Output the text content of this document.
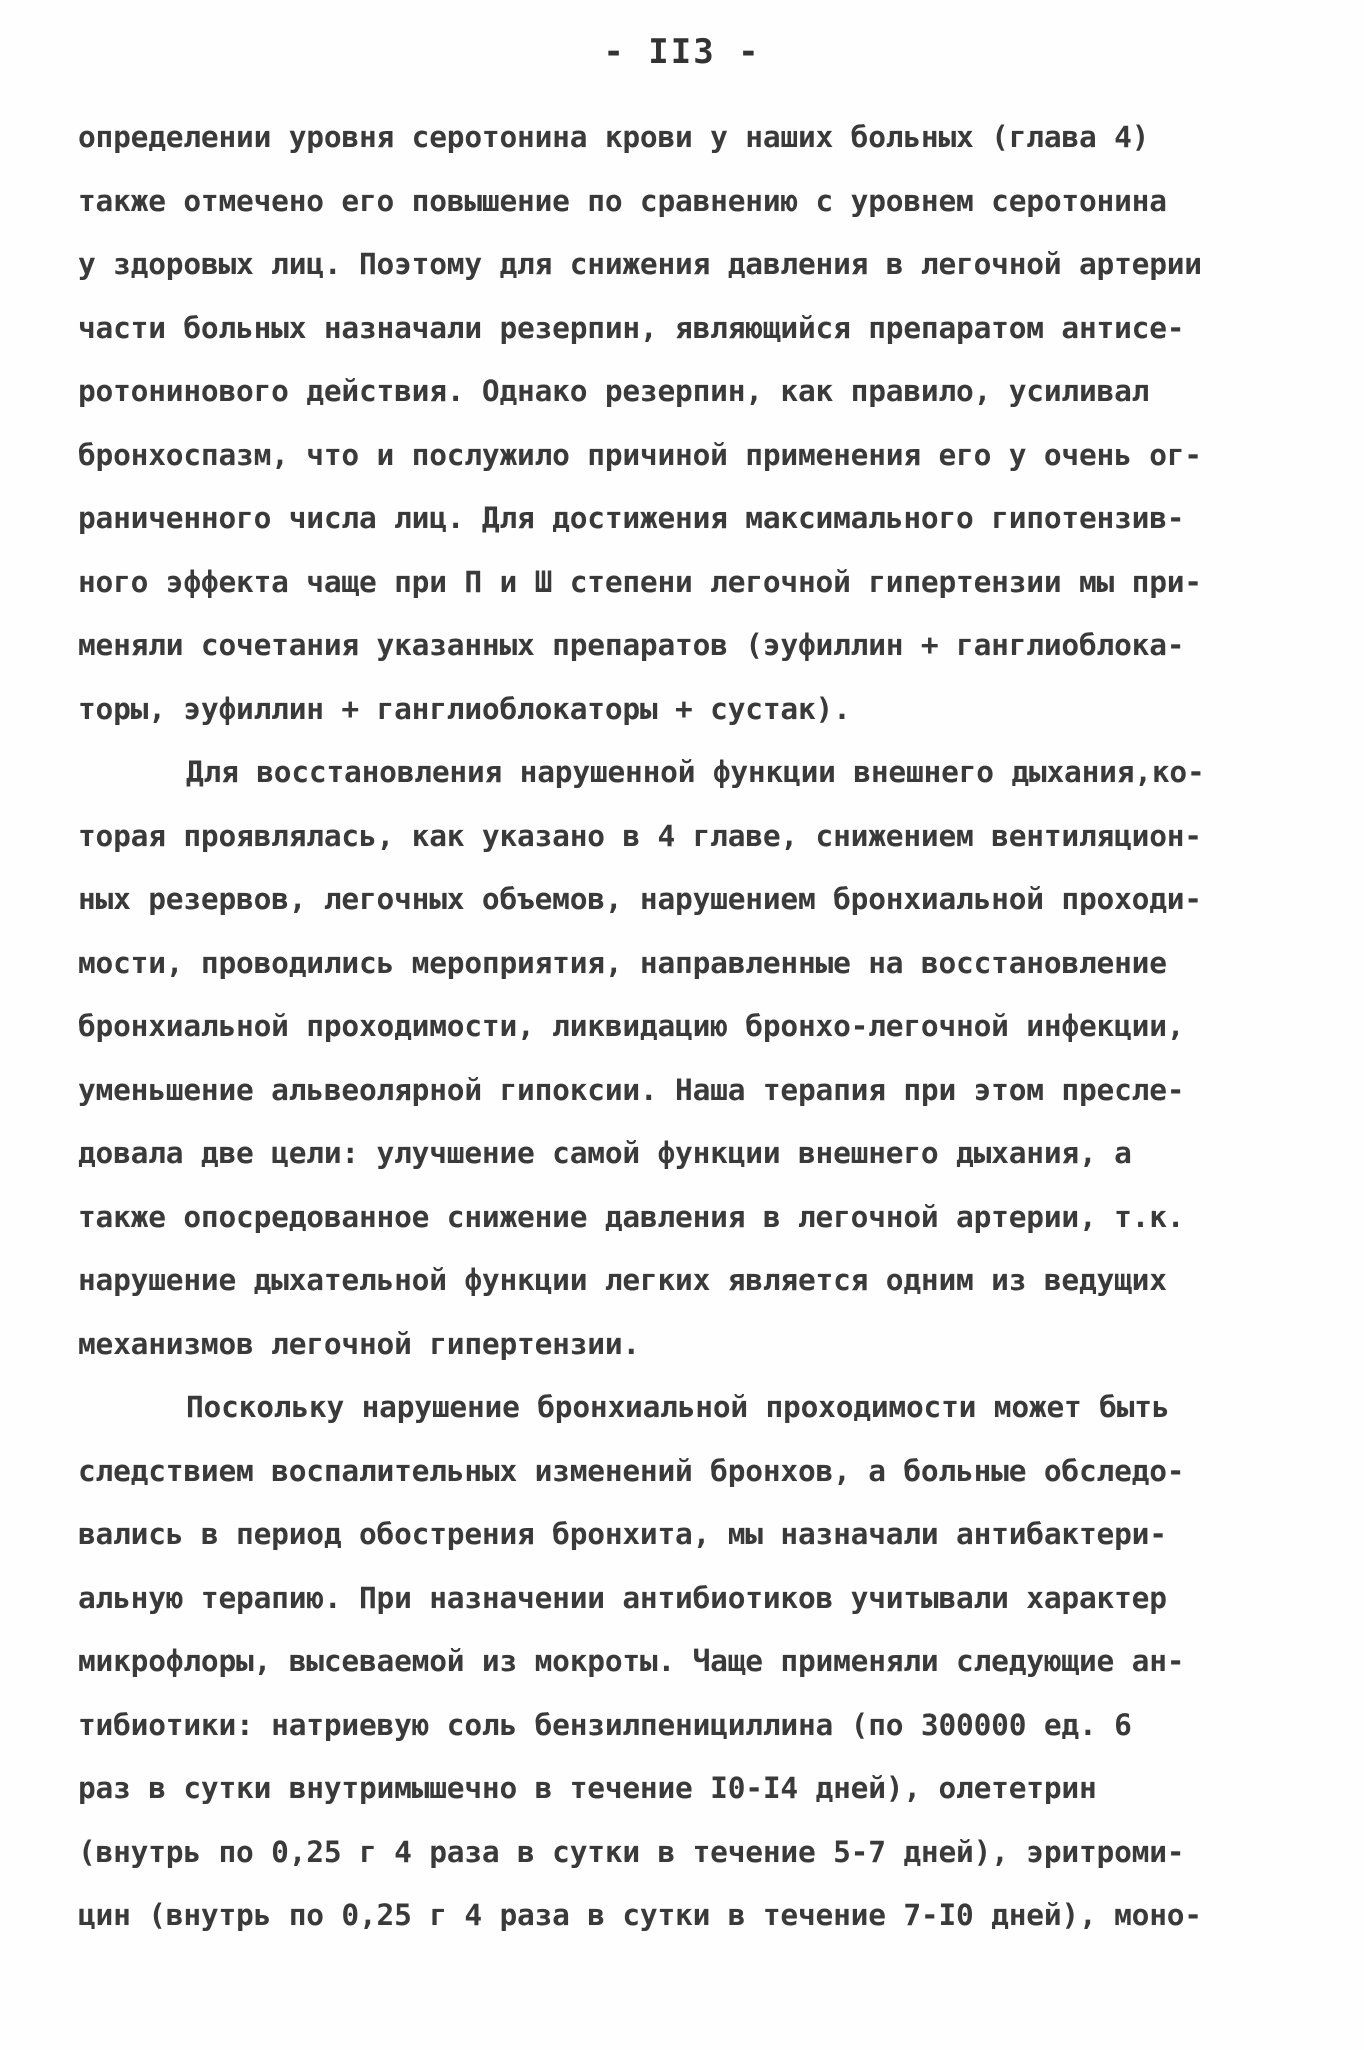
- II3 -
определении уровня серотонина крови у наших больных (глава 4)
также отмечено его повышение по сравнению с уровнем серотонина
у здоровых лиц. Поэтому для снижения давления в легочной артерии
части больных назначали резерпин, являющийся препаратом антисе-
ротонинового действия. Однако резерпин, как правило, усиливал
бронхоспазм, что и послужило причиной применения его у очень ог-
раниченного числа лиц. Для достижения максимального гипотензив-
ного эффекта чаще при П и Ш степени легочной гипертензии мы при-
меняли сочетания указанных препаратов (эуфиллин + ганглиоблока-
торы, эуфиллин + ганглиоблокаторы + сустак).
Для восстановления нарушенной функции внешнего дыхания,ко-
торая проявлялась, как указано в 4 главе, снижением вентиляцион-
ных резервов, легочных объемов, нарушением бронхиальной проходи-
мости, проводились мероприятия, направленные на восстановление
бронхиальной проходимости, ликвидацию бронхо-легочной инфекции,
уменьшение альвеолярной гипоксии. Наша терапия при этом пресле-
довала две цели: улучшение самой функции внешнего дыхания, а
также опосредованное снижение давления в легочной артерии, т.к.
нарушение дыхательной функции легких является одним из ведущих
механизмов легочной гипертензии.
Поскольку нарушение бронхиальной проходимости может быть
следствием воспалительных изменений бронхов, а больные обследо-
вались в период обострения бронхита, мы назначали антибактери-
альную терапию. При назначении антибиотиков учитывали характер
микрофлоры, высеваемой из мокроты. Чаще применяли следующие ан-
тибиотики: натриевую соль бензилпенициллина (по 300000 ед. 6
раз в сутки внутримышечно в течение I0-I4 дней), олететрин
(внутрь по 0,25 г 4 раза в сутки в течение 5-7 дней), эритроми-
цин (внутрь по 0,25 г 4 раза в сутки в течение 7-I0 дней), моно-
